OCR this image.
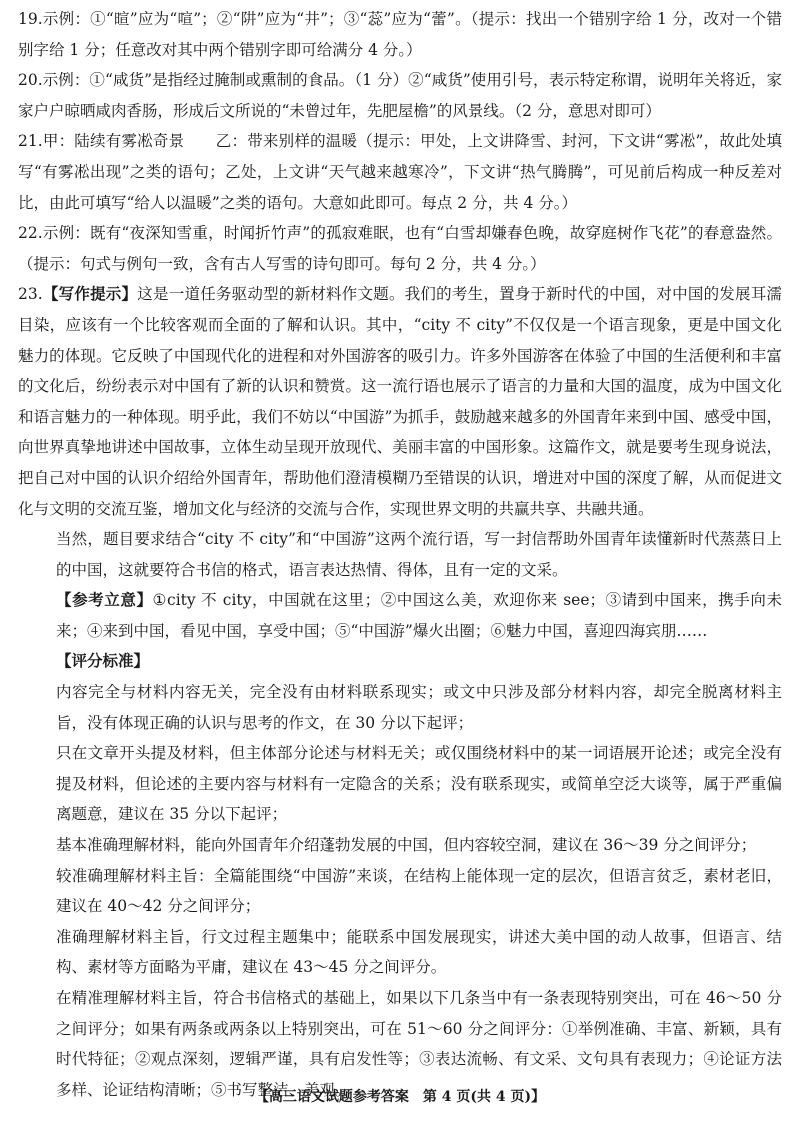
19.示例：①“暄”应为“喧”；②“阱”应为“井”；③“蕊”应为“蕾”。（提示：找出一个错别字给 1 分，改对一个错别字给 1 分；任意改对其中两个错别字即可给满分 4 分。）

20.示例：①“咸货”是指经过腌制或熏制的食品。（1 分）②“咸货”使用引号，表示特定称谓，说明年关将近，家家户户晾晒咸肉香肠，形成后文所说的“未曾过年，先肥屋檐”的风景线。（2 分，意思对即可）

21.甲：陆续有雾凇奇景　　乙：带来别样的温暖（提示：甲处，上文讲降雪、封河，下文讲“雾凇”，故此处填写“有雾凇出现”之类的语句；乙处，上文讲“天气越来越寒冷”，下文讲“热气腾腾”，可见前后构成一种反差对比，由此可填写“给人以温暖”之类的语句。大意如此即可。每点 2 分，共 4 分。）

22.示例：既有“夜深知雪重，时闻折竹声”的孤寂难眠，也有“白雪却嫌春色晚，故穿庭树作飞花”的春意盎然。（提示：句式与例句一致，含有古人写雪的诗句即可。每句 2 分，共 4 分。）

23.【写作提示】这是一道任务驱动型的新材料作文题。我们的考生，置身于新时代的中国，对中国的发展耳濡目染，应该有一个比较客观而全面的了解和认识。其中，“city 不 city”不仅仅是一个语言现象，更是中国文化魅力的体现。它反映了中国现代化的进程和对外国游客的吸引力。许多外国游客在体验了中国的生活便利和丰富的文化后，纷纷表示对中国有了新的认识和赞赏。这一流行语也展示了语言的力量和大国的温度，成为中国文化和语言魅力的一种体现。明乎此，我们不妨以“中国游”为抓手，鼓励越来越多的外国青年来到中国、感受中国，向世界真挚地讲述中国故事，立体生动呈现开放现代、美丽丰富的中国形象。这篇作文，就是要考生现身说法，把自己对中国的认识介绍给外国青年，帮助他们澄清模糊乃至错误的认识，增进对中国的深度了解，从而促进文化与文明的交流互鉴，增加文化与经济的交流与合作，实现世界文明的共赢共享、共融共通。

当然，题目要求结合“city 不 city”和“中国游”这两个流行语，写一封信帮助外国青年读懂新时代蒸蒸日上的中国，这就要符合书信的格式，语言表达热情、得体，且有一定的文采。

【参考立意】①city 不 city，中国就在这里；②中国这么美，欢迎你来 see；③请到中国来，携手向未来；④来到中国，看见中国，享受中国；⑤“中国游”爆火出圈；⑥魅力中国，喜迎四海宾朋……

【评分标准】

内容完全与材料内容无关，完全没有由材料联系现实；或文中只涉及部分材料内容，却完全脱离材料主旨，没有体现正确的认识与思考的作文，在 30 分以下起评；

只在文章开头提及材料，但主体部分论述与材料无关；或仅围绕材料中的某一词语展开论述；或完全没有提及材料，但论述的主要内容与材料有一定隐含的关系；没有联系现实，或简单空泛大谈等，属于严重偏离题意，建议在 35 分以下起评；

基本准确理解材料，能向外国青年介绍蓬勃发展的中国，但内容较空洞，建议在 36～39 分之间评分；

较准确理解材料主旨：全篇能围绕“中国游”来谈，在结构上能体现一定的层次，但语言贫乏，素材老旧，建议在 40～42 分之间评分；

准确理解材料主旨，行文过程主题集中；能联系中国发展现实，讲述大美中国的动人故事，但语言、结构、素材等方面略为平庸，建议在 43～45 分之间评分。

在精准理解材料主旨，符合书信格式的基础上，如果以下几条当中有一条表现特别突出，可在 46～50 分之间评分；如果有两条或两条以上特别突出，可在 51～60 分之间评分：①举例准确、丰富、新颖，具有时代特征；②观点深刻，逻辑严谨，具有启发性等；③表达流畅、有文采、文句具有表现力；④论证方法多样、论证结构清晰；⑤书写整洁、美观。

【高三语文试题参考答案　第 4 页(共 4 页)】
